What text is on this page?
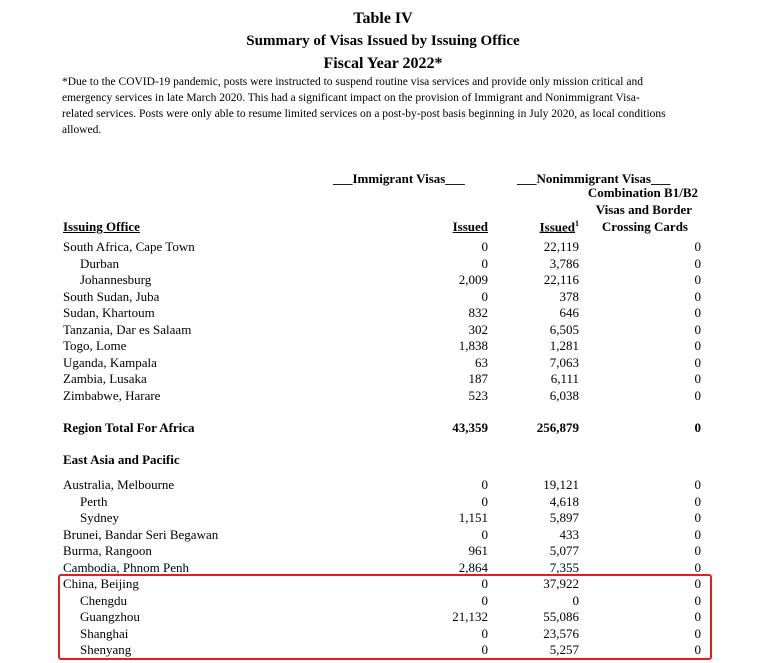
Table IV
Summary of Visas Issued by Issuing Office
Fiscal Year 2022*
*Due to the COVID-19 pandemic, posts were instructed to suspend routine visa services and provide only mission critical and
emergency services in late March 2020. This had a significant impact on the provision of Immigrant and Nonimmigrant Visa-
related services. Posts were only able to resume limited services on a post-by-post basis beginning in July 2020, as local conditions
allowed.
___Immigrant Visas___	___Nonimmigrant Visas___
Combination B1/B2
Visas and Border
Crossing Cards
Issuing Office	Issued	Issued$^1$
South Africa, Cape Town	0	22,119	0
Durban	0	3,786	0
Johannesburg	2,009	22,116	0
South Sudan, Juba	0	378	0
Sudan, Khartoum	832	646	0
Tanzania, Dar es Salaam	302	6,505	0
Togo, Lome	1,838	1,281	0
Uganda, Kampala	63	7,063	0
Zambia, Lusaka	187	6,111	0
Zimbabwe, Harare	523	6,038	0
Region Total For Africa	43,359	256,879	0
East Asia and Pacific
Australia, Melbourne	0	19,121	0
Perth	0	4,618	0
Sydney	1,151	5,897	0
Brunei, Bandar Seri Begawan	0	433	0
Burma, Rangoon	961	5,077	0
Cambodia, Phnom Penh	2,864	7,355	0
China, Beijing	0	37,922	0
Chengdu	0	0	0
Guangzhou	21,132	55,086	0
Shanghai	0	23,576	0
Shenyang	0	5,257	0
